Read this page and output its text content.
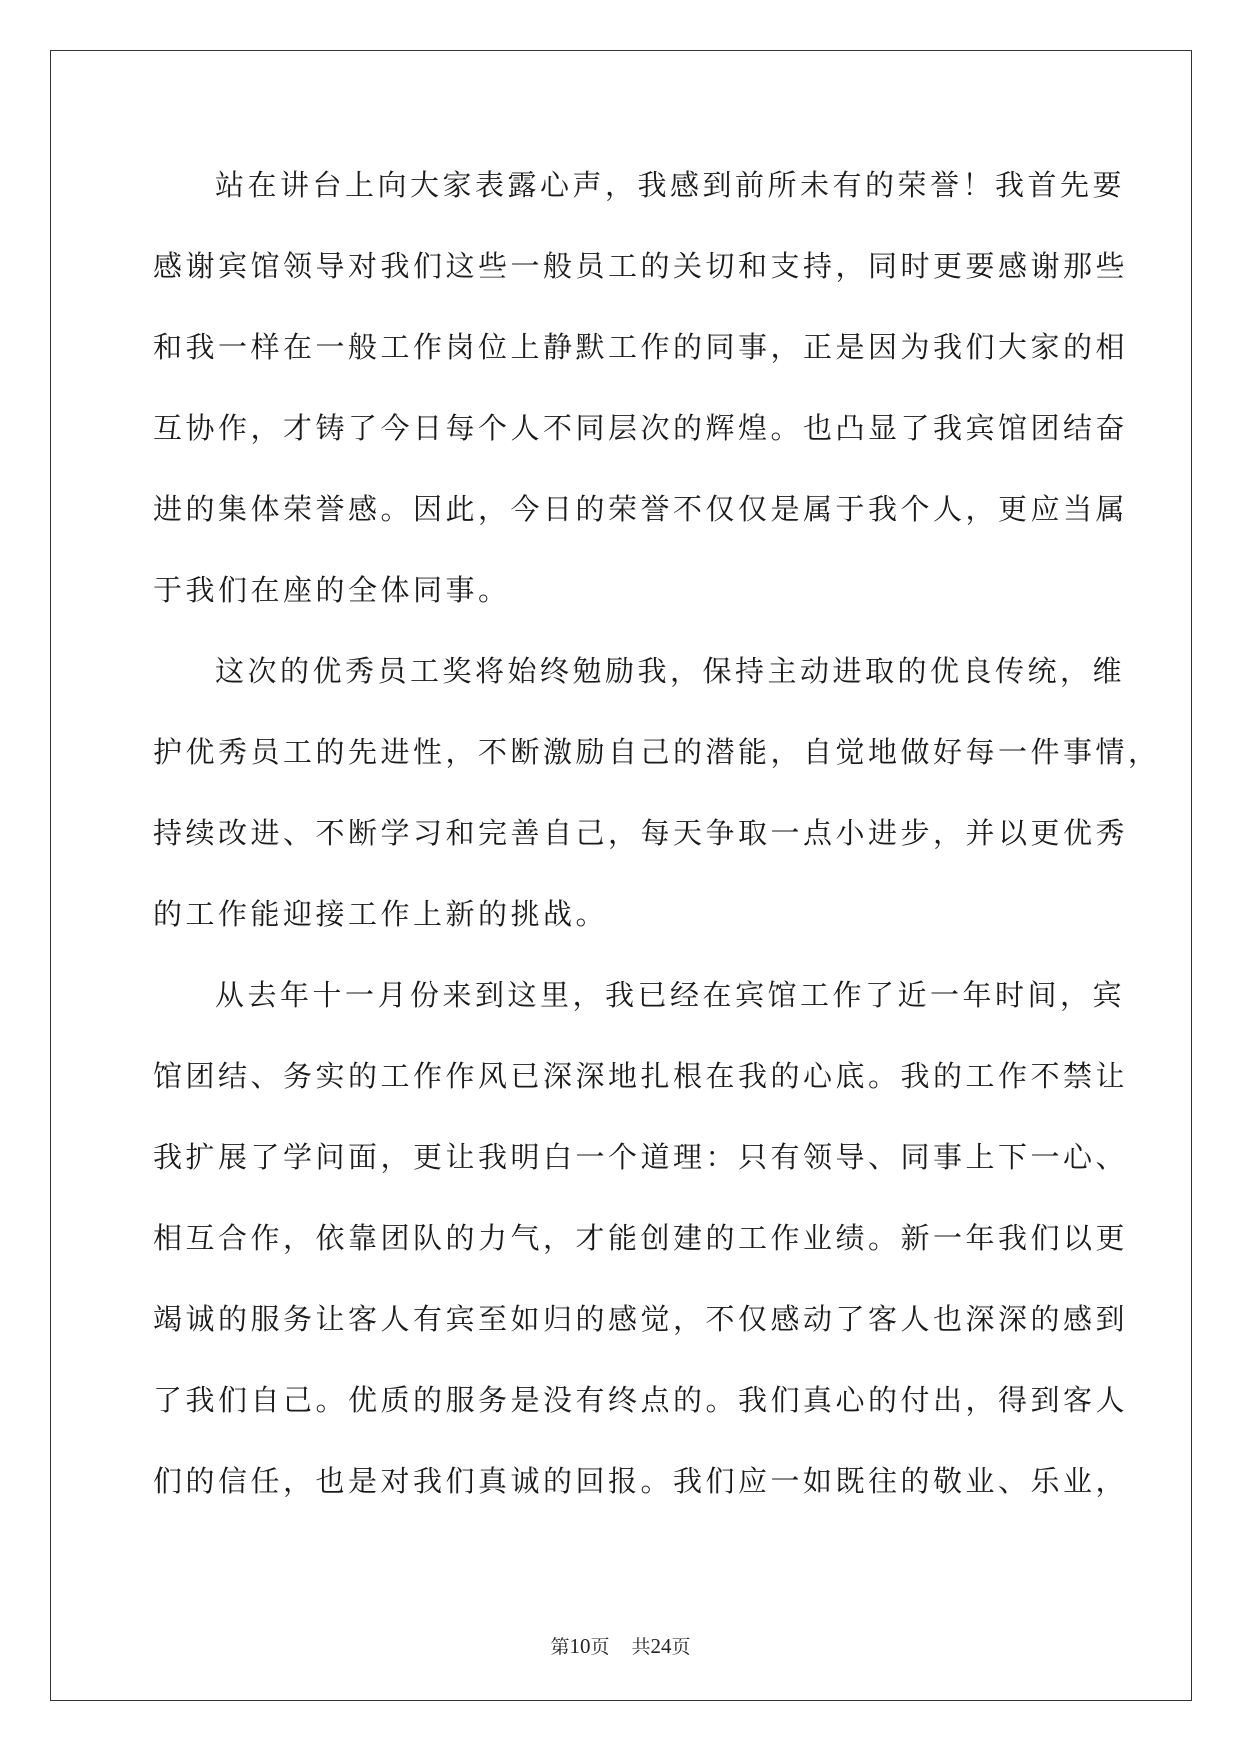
站在讲台上向大家表露心声，我感到前所未有的荣誉！我首先要
感谢宾馆领导对我们这些一般员工的关切和支持，同时更要感谢那些
和我一样在一般工作岗位上静默工作的同事，正是因为我们大家的相
互协作，才铸了今日每个人不同层次的辉煌。也凸显了我宾馆团结奋
进的集体荣誉感。因此，今日的荣誉不仅仅是属于我个人，更应当属
于我们在座的全体同事。
这次的优秀员工奖将始终勉励我，保持主动进取的优良传统，维
护优秀员工的先进性，不断激励自己的潜能，自觉地做好每一件事情，
持续改进、不断学习和完善自己，每天争取一点小进步，并以更优秀
的工作能迎接工作上新的挑战。
从去年十一月份来到这里，我已经在宾馆工作了近一年时间，宾
馆团结、务实的工作作风已深深地扎根在我的心底。我的工作不禁让
我扩展了学问面，更让我明白一个道理：只有领导、同事上下一心、
相互合作，依靠团队的力气，才能创建的工作业绩。新一年我们以更
竭诚的服务让客人有宾至如归的感觉，不仅感动了客人也深深的感到
了我们自己。优质的服务是没有终点的。我们真心的付出，得到客人
们的信任，也是对我们真诚的回报。我们应一如既往的敬业、乐业，
第10页 共24页
